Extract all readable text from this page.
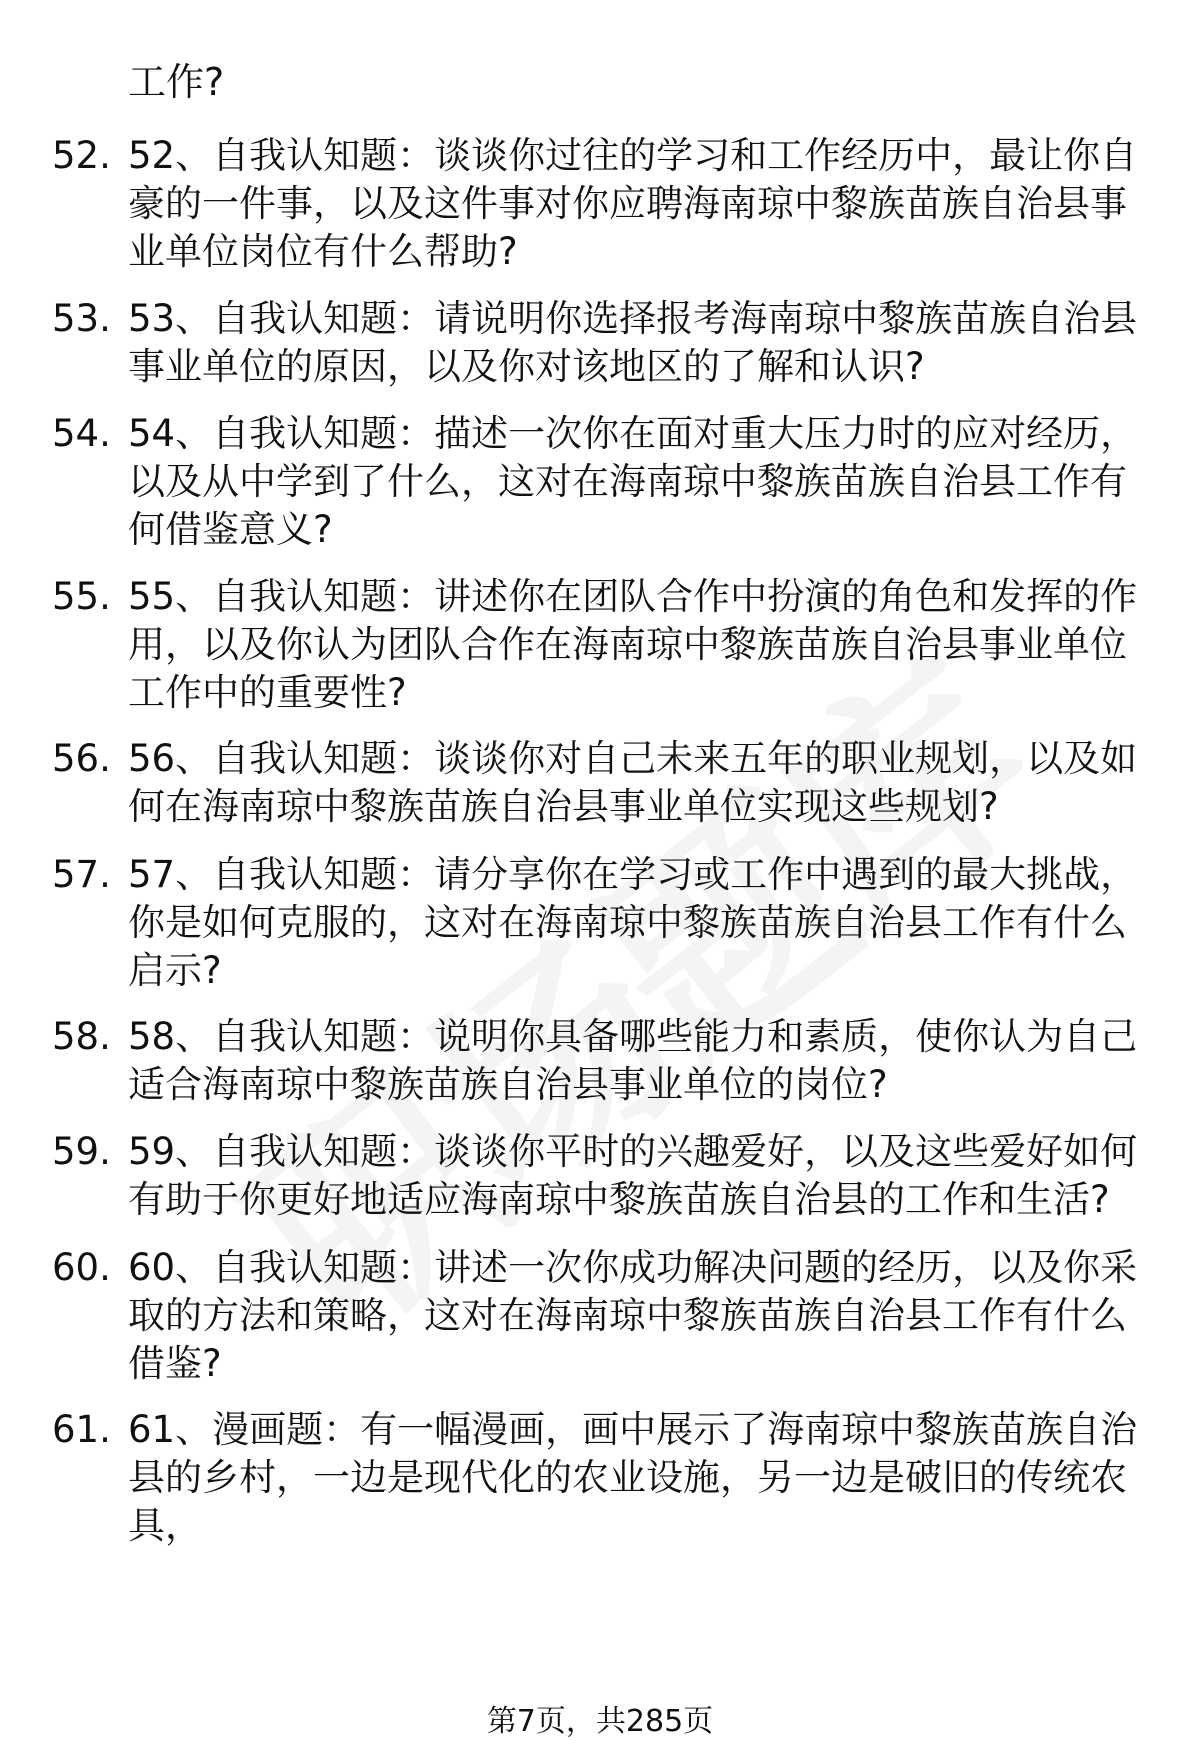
工作?
52. 52、自我认知题：谈谈你过往的学习和工作经历中，最让你自豪的一件事，以及这件事对你应聘海南琼中黎族苗族自治县事业单位岗位有什么帮助?
53. 53、自我认知题：请说明你选择报考海南琼中黎族苗族自治县事业单位的原因，以及你对该地区的了解和认识?
54. 54、自我认知题：描述一次你在面对重大压力时的应对经历，以及从中学到了什么，这对在海南琼中黎族苗族自治县工作有何借鉴意义?
55. 55、自我认知题：讲述你在团队合作中扮演的角色和发挥的作用，以及你认为团队合作在海南琼中黎族苗族自治县事业单位工作中的重要性?
56. 56、自我认知题：谈谈你对自己未来五年的职业规划，以及如何在海南琼中黎族苗族自治县事业单位实现这些规划?
57. 57、自我认知题：请分享你在学习或工作中遇到的最大挑战，你是如何克服的，这对在海南琼中黎族苗族自治县工作有什么启示?
58. 58、自我认知题：说明你具备哪些能力和素质，使你认为自己适合海南琼中黎族苗族自治县事业单位的岗位?
59. 59、自我认知题：谈谈你平时的兴趣爱好，以及这些爱好如何有助于你更好地适应海南琼中黎族苗族自治县的工作和生活?
60. 60、自我认知题：讲述一次你成功解决问题的经历，以及你采取的方法和策略，这对在海南琼中黎族苗族自治县工作有什么借鉴?
61. 61、漫画题：有一幅漫画，画中展示了海南琼中黎族苗族自治县的乡村，一边是现代化的农业设施，另一边是破旧的传统农具，
第7页，共285页
